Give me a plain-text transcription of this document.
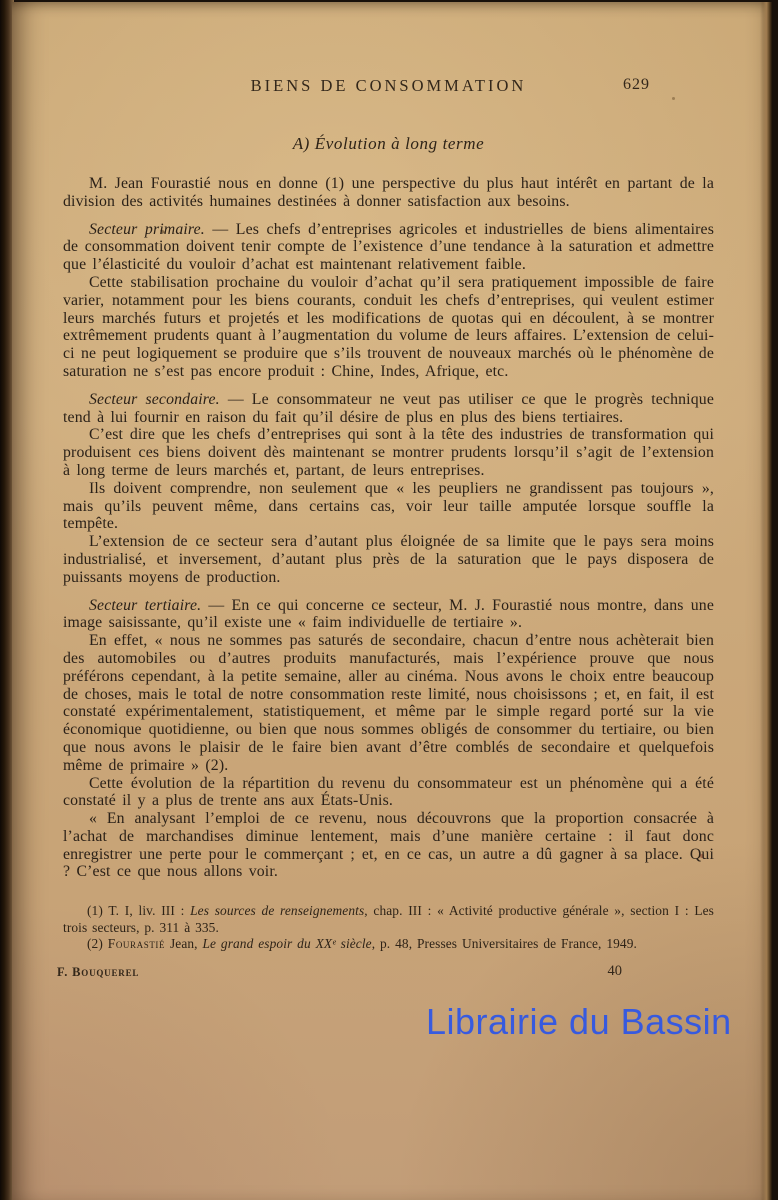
BIENS DE CONSOMMATION	629
A) Évolution à long terme

M. Jean Fourastié nous en donne (1) une perspective du plus haut intérêt en partant de la division des activités humaines destinées à donner satisfaction aux besoins.

Secteur primaire. — Les chefs d’entreprises agricoles et industrielles de biens alimentaires de consommation doivent tenir compte de l’existence d’une tendance à la saturation et admettre que l’élasticité du vouloir d’achat est maintenant relativement faible.

Cette stabilisation prochaine du vouloir d’achat qu’il sera pratiquement impossible de faire varier, notamment pour les biens courants, conduit les chefs d’entreprises, qui veulent estimer leurs marchés futurs et projetés et les modifications de quotas qui en découlent, à se montrer extrêmement prudents quant à l’augmentation du volume de leurs affaires. L’extension de celui-ci ne peut logiquement se produire que s’ils trouvent de nouveaux marchés où le phénomène de saturation ne s’est pas encore produit : Chine, Indes, Afrique, etc.

Secteur secondaire. — Le consommateur ne veut pas utiliser ce que le progrès technique tend à lui fournir en raison du fait qu’il désire de plus en plus des biens tertiaires.

C’est dire que les chefs d’entreprises qui sont à la tête des industries de transformation qui produisent ces biens doivent dès maintenant se montrer prudents lorsqu’il s’agit de l’extension à long terme de leurs marchés et, partant, de leurs entreprises.

Ils doivent comprendre, non seulement que « les peupliers ne grandissent pas toujours », mais qu’ils peuvent même, dans certains cas, voir leur taille amputée lorsque souffle la tempête.

L’extension de ce secteur sera d’autant plus éloignée de sa limite que le pays sera moins industrialisé, et inversement, d’autant plus près de la saturation que le pays disposera de puissants moyens de production.

Secteur tertiaire. — En ce qui concerne ce secteur, M. J. Fourastié nous montre, dans une image saisissante, qu’il existe une « faim individuelle de tertiaire ».

En effet, « nous ne sommes pas saturés de secondaire, chacun d’entre nous achèterait bien des automobiles ou d’autres produits manufacturés, mais l’expérience prouve que nous préférons cependant, à la petite semaine, aller au cinéma. Nous avons le choix entre beaucoup de choses, mais le total de notre consommation reste limité, nous choisissons ; et, en fait, il est constaté expérimentalement, statistiquement, et même par le simple regard porté sur la vie économique quotidienne, ou bien que nous sommes obligés de consommer du tertiaire, ou bien que nous avons le plaisir de le faire bien avant d’être comblés de secondaire et quelquefois même de primaire » (2).

Cette évolution de la répartition du revenu du consommateur est un phénomène qui a été constaté il y a plus de trente ans aux États-Unis.

« En analysant l’emploi de ce revenu, nous découvrons que la proportion consacrée à l’achat de marchandises diminue lentement, mais d’une manière certaine : il faut donc enregistrer une perte pour le commerçant ; et, en ce cas, un autre a dû gagner à sa place. Qui ? C’est ce que nous allons voir.

(1) T. I, liv. III : Les sources de renseignements, chap. III : « Activité productive générale », section I : Les trois secteurs, p. 311 à 335.

(2) Fourastié Jean, Le grand espoir du XXᵉ siècle, p. 48, Presses Universitaires de France, 1949.

F. Bouquerel	40
Librairie du Bassin
